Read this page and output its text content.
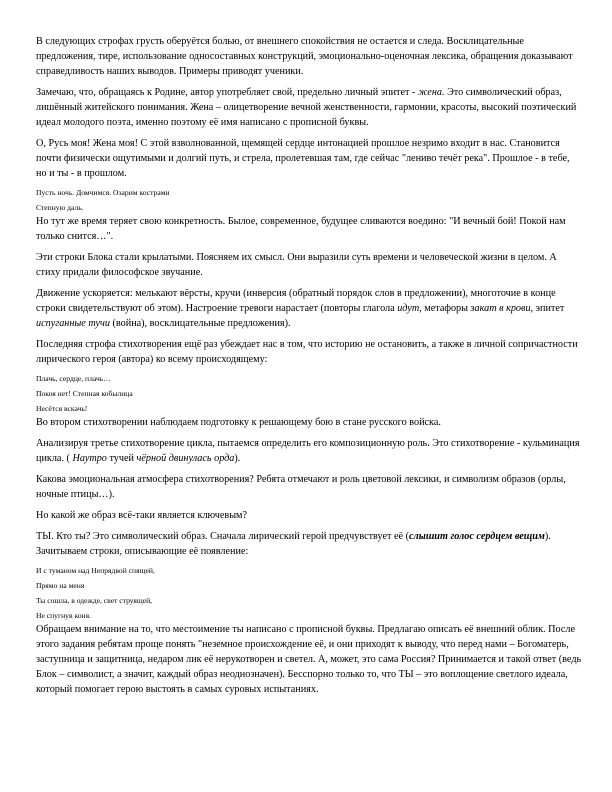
В следующих строфах грусть оберуётся болью, от внешнего спокойствия не остается и следа. Восклицательные предложения, тире, использование односоставных конструкций, эмоционально-оценочная лексика, обращения доказывают справедливость наших выводов. Примеры приводят ученики.

Замечаю, что, обращаясь к Родине, автор употребляет свой, предельно личный эпитет - жена. Это символический образ, лишённый житейского понимания. Жена – олицетворение вечной женственности, гармонии, красоты, высокий поэтический идеал молодого поэта, именно поэтому её имя написано с прописной буквы.

О, Русь моя! Жена моя! С этой взволнованной, щемящей сердце интонацией прошлое незримо входит в нас. Становится почти физически ощутимыми и долгий путь, и стрела, пролетевшая там, где сейчас "лениво течёт река". Прошлое - в тебе, но и ты - в прошлом.

Пусть ночь. Домчимся. Озарим кострами

Степную даль.

Но тут же время теряет свою конкретность. Былое, современное, будущее сливаются воедино: "И вечный бой! Покой нам только снится…".

Эти строки Блока стали крылатыми. Поясняем их смысл. Они выразили суть времени и человеческой жизни в целом. А стиху придали философское звучание.

Движение ускоряется: мелькают вёрсты, кручи (инверсия (обратный порядок слов в предложении), многоточие в конце строки свидетельствуют об этом). Настроение тревоги нарастает (повторы глагола идут, метафоры закат в крови, эпитет испуганные тучи (война), восклицательные предложения).

Последняя строфа стихотворения ещё раз убеждает нас в том, что историю не остановить, а также в личной сопричастности лирического героя (автора) ко всему происходящему:

Плачь, сердце, плачь…

Покоя нет! Степная кобылица

Несётся вскачь!

Во втором стихотворении наблюдаем подготовку к решающему бою в стане русского войска.

Анализируя третье стихотворение цикла, пытаемся определить его композиционную роль. Это стихотворение - кульминация цикла. ( Наутро тучей чёрной двинулась орда).

Какова эмоциональная атмосфера стихотворения? Ребята отмечают и роль цветовой лексики, и символизм образов (орлы, ночные птицы…).

Но какой же образ всё-таки является ключевым?

ТЫ. Кто ты? Это символический образ. Сначала лирический герой предчувствует её (слышит голос сердцем вещим). Зачитываем строки, описывающие её появление:

И с туманом над Непрядвой спящей,

Прямо на меня

Ты сошла, в одежде, свет струящей,

Не спугнув коня.

Обращаем внимание на то, что местоимение ты написано с прописной буквы. Предлагаю описать её внешний облик. После этого задания ребятам проще понять "неземное происхождение её, и они приходят к выводу, что перед нами – Богоматерь, заступница и защитница, недаром лик её нерукотворен и светел. А, может, это сама Россия? Принимается и такой ответ (ведь Блок – символист, а значит, каждый образ неоднозначен). Бесспорно только то, что ТЫ – это воплощение светлого идеала, который помогает герою выстоять в самых суровых испытаниях.
